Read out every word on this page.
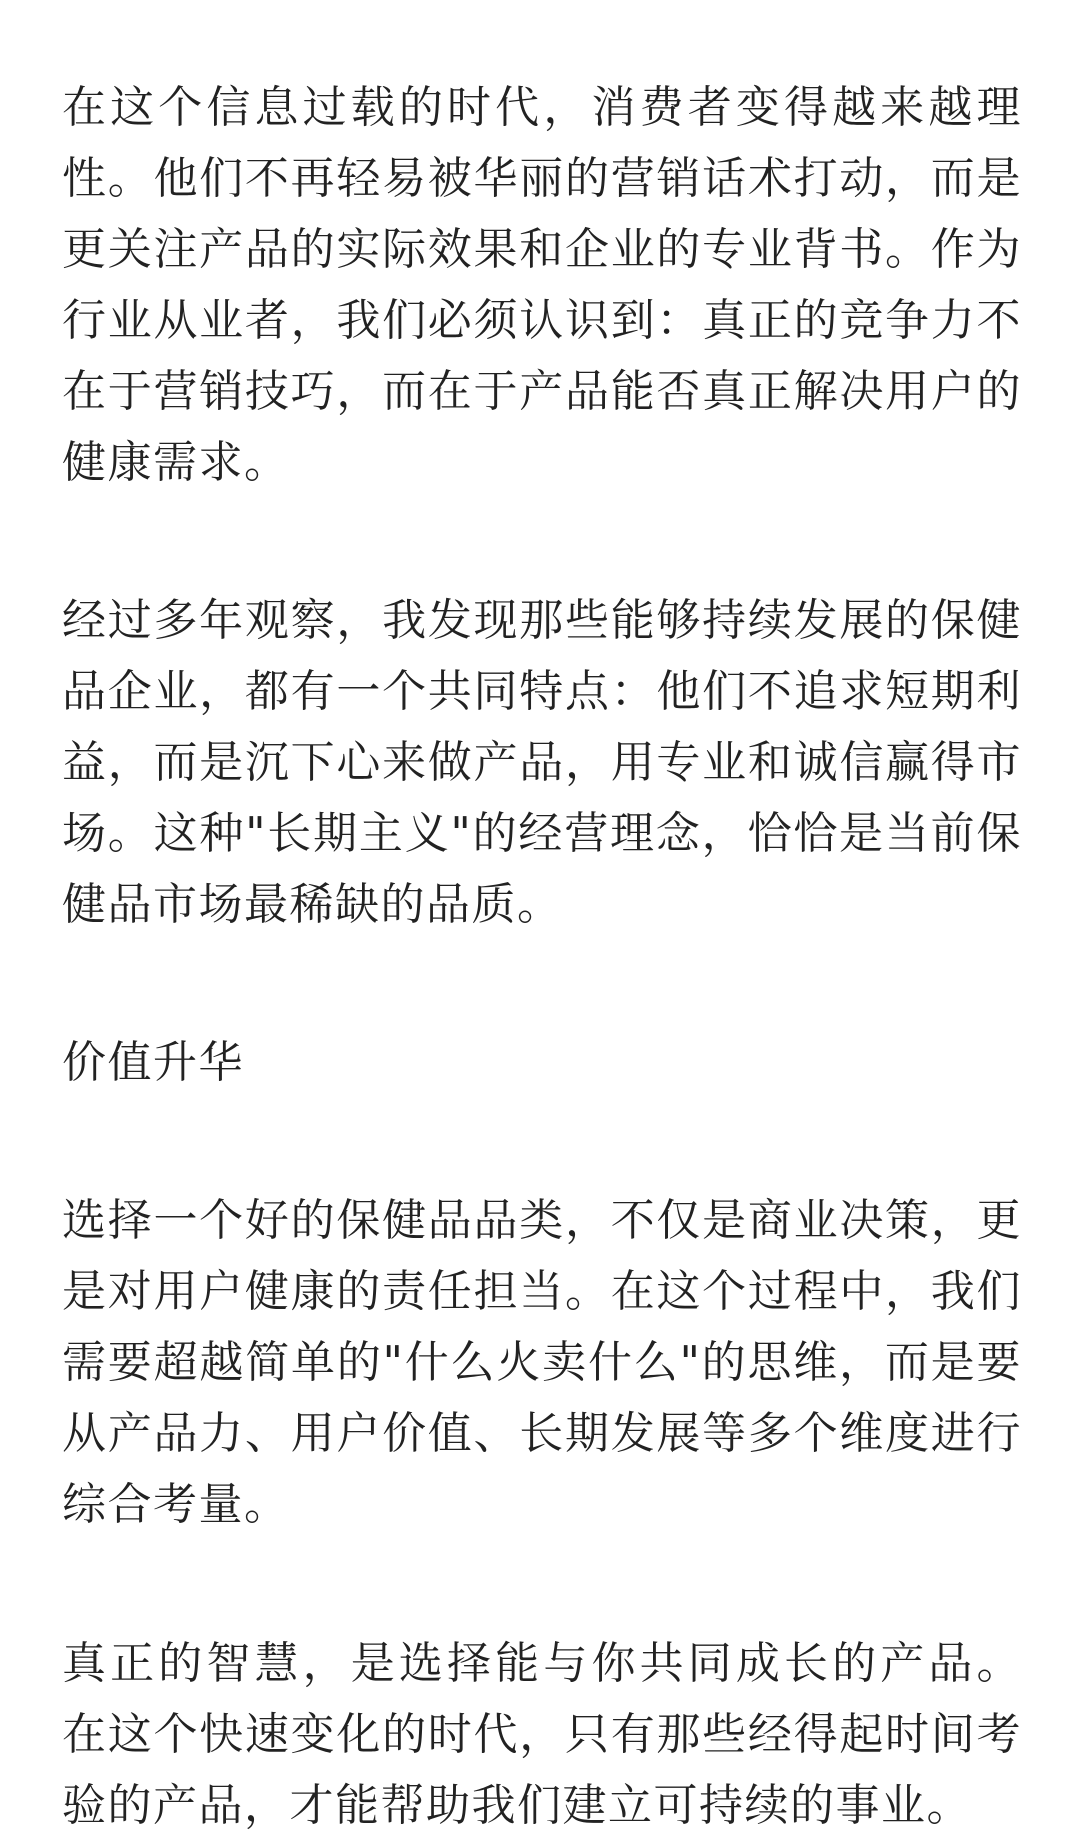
在这个信息过载的时代，消费者变得越来越理性。他们不再轻易被华丽的营销话术打动，而是更关注产品的实际效果和企业的专业背书。作为行业从业者，我们必须认识到：真正的竞争力不在于营销技巧，而在于产品能否真正解决用户的健康需求。

经过多年观察，我发现那些能够持续发展的保健品企业，都有一个共同特点：他们不追求短期利益，而是沉下心来做产品，用专业和诚信赢得市场。这种"长期主义"的经营理念，恰恰是当前保健品市场最稀缺的品质。

价值升华

选择一个好的保健品品类，不仅是商业决策，更是对用户健康的责任担当。在这个过程中，我们需要超越简单的"什么火卖什么"的思维，而是要从产品力、用户价值、长期发展等多个维度进行综合考量。

真正的智慧，是选择能与你共同成长的产品。 在这个快速变化的时代，只有那些经得起时间考验的产品，才能帮助我们建立可持续的事业。
